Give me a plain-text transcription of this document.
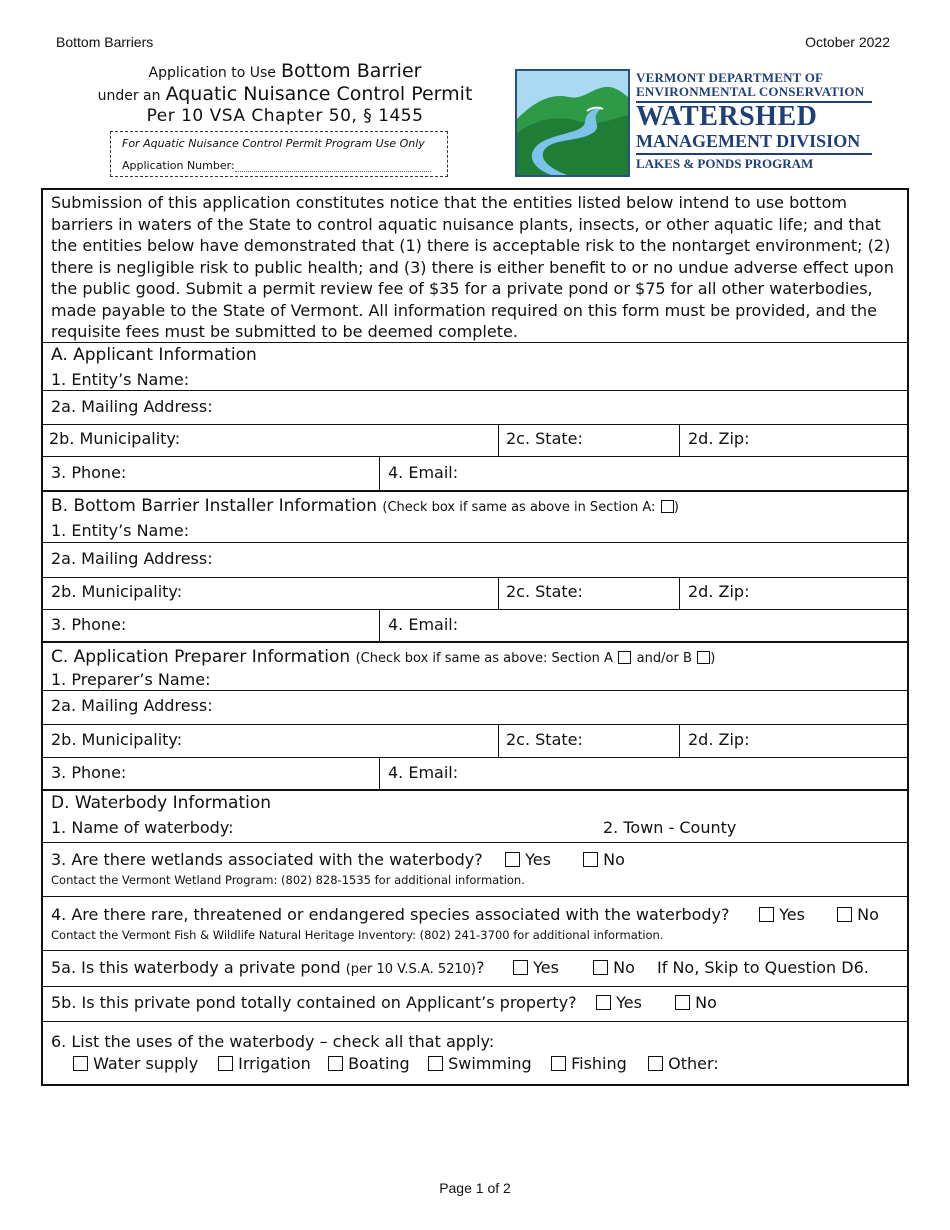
Bottom Barriers	October 2022
Application to Use Bottom Barrier
under an Aquatic Nuisance Control Permit
Per 10 VSA Chapter 50, § 1455
For Aquatic Nuisance Control Permit Program Use Only
Application Number:
VERMONT DEPARTMENT OF
ENVIRONMENTAL CONSERVATION
WATERSHED
MANAGEMENT DIVISION
LAKES & PONDS PROGRAM
Submission of this application constitutes notice that the entities listed below intend to use bottom barriers in waters of the State to control aquatic nuisance plants, insects, or other aquatic life; and that the entities below have demonstrated that (1) there is acceptable risk to the nontarget environment; (2) there is negligible risk to public health; and (3) there is either benefit to or no undue adverse effect upon the public good. Submit a permit review fee of $35 for a private pond or $75 for all other waterbodies, made payable to the State of Vermont. All information required on this form must be provided, and the requisite fees must be submitted to be deemed complete.
A. Applicant Information
1. Entity’s Name:
2a. Mailing Address:
2b. Municipality:	2c. State:	2d. Zip:
3. Phone:	4. Email:
B. Bottom Barrier Installer Information (Check box if same as above in Section A: )
1. Entity’s Name:
2a. Mailing Address:
2b. Municipality:	2c. State:	2d. Zip:
3. Phone:	4. Email:
C. Application Preparer Information (Check box if same as above: Section A and/or B )
1. Preparer’s Name:
2a. Mailing Address:
2b. Municipality:	2c. State:	2d. Zip:
3. Phone:	4. Email:
D. Waterbody Information
1. Name of waterbody:	2. Town - County
3. Are there wetlands associated with the waterbody?	Yes	No
Contact the Vermont Wetland Program: (802) 828-1535 for additional information.
4. Are there rare, threatened or endangered species associated with the waterbody?	Yes	No
Contact the Vermont Fish & Wildlife Natural Heritage Inventory: (802) 241-3700 for additional information.
5a. Is this waterbody a private pond (per 10 V.S.A. 5210)?	Yes	No If No, Skip to Question D6.
5b. Is this private pond totally contained on Applicant’s property?	Yes	No
6. List the uses of the waterbody – check all that apply:
Water supply	Irrigation	Boating	Swimming	Fishing	Other:
Page 1 of 2
